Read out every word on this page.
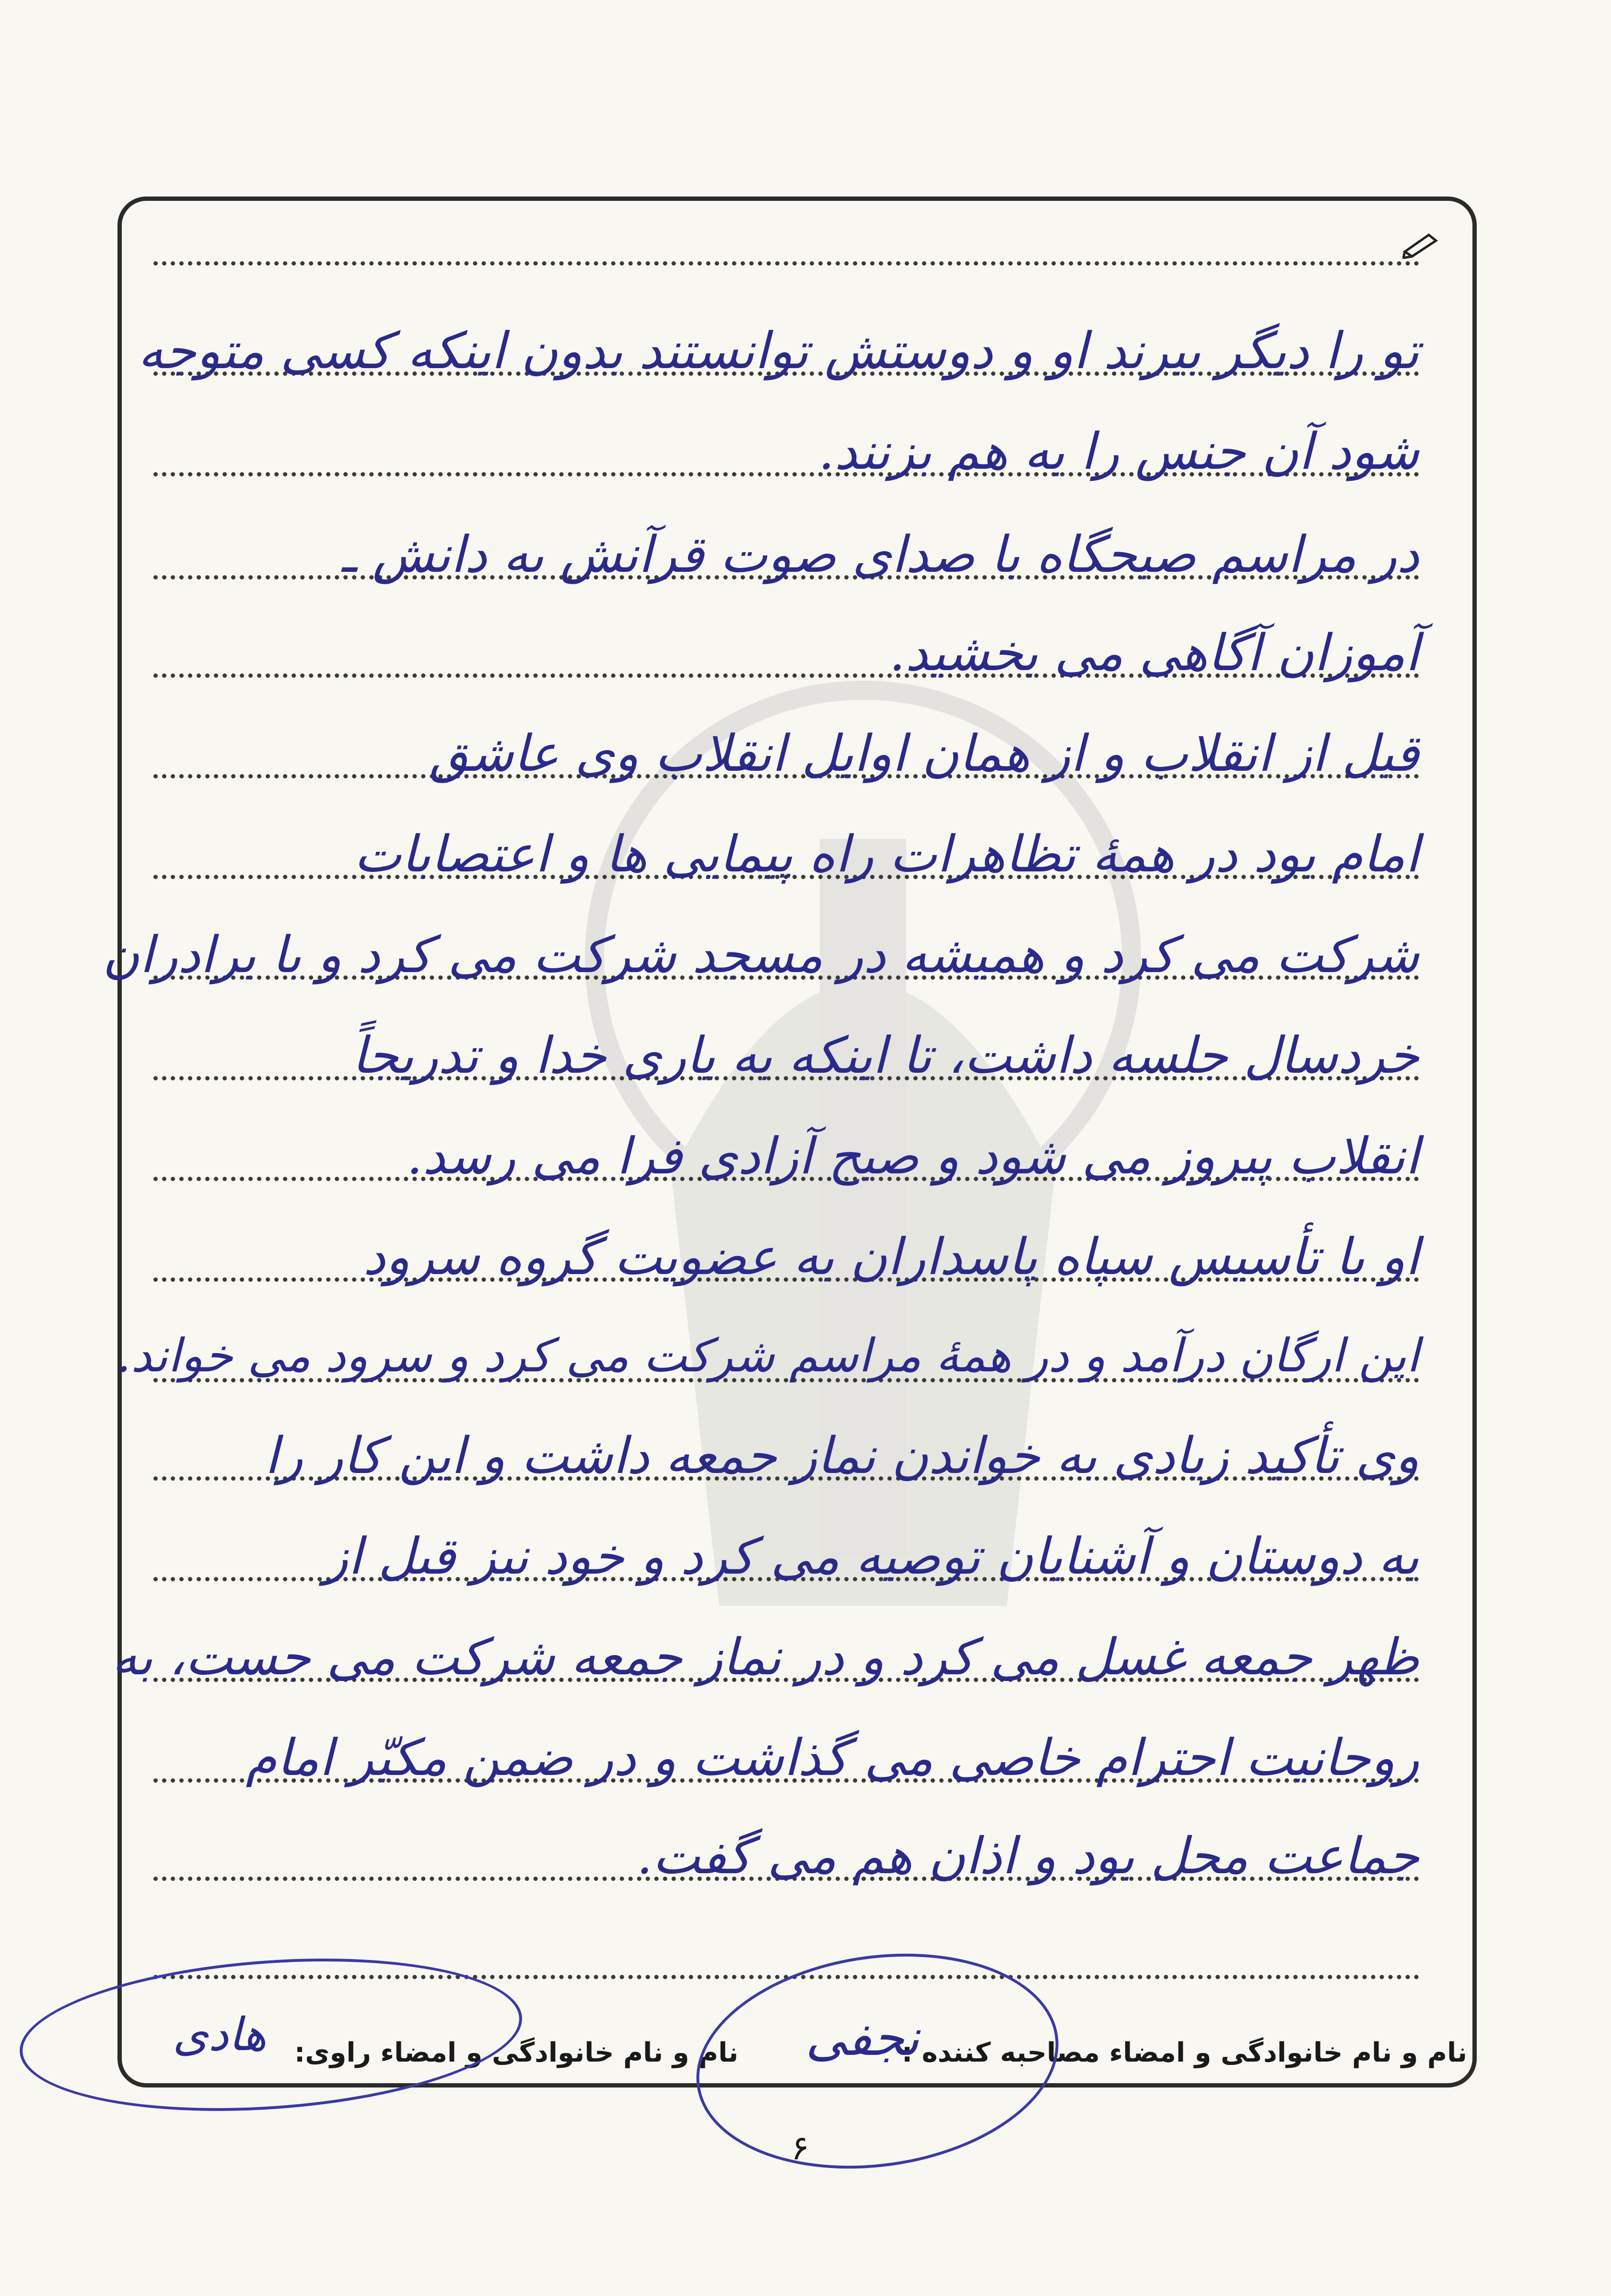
تو را دیگر ببرند او و دوستش توانستند بدون اینکه کسی متوجه
شود آن جنس را به هم بزنند.
در مراسم صبحگاه با صدای صوت قرآنش به دانش ـ
آموزان آگاهی می بخشید.
قبل از انقلاب و از همان اوایل انقلاب وی عاشق
امام بود در همهٔ تظاهرات راه پیمایی ها و اعتصابات
شرکت می کرد و همیشه در مسجد شرکت می کرد و با برادران
خردسال جلسه داشت، تا اینکه به یاری خدا و تدریجاً
انقلاب پیروز می شود و صبح آزادی فرا می رسد.
او با تأسیس سپاه پاسداران به عضویت گروه سرود
این ارگان درآمد و در همهٔ مراسم شرکت می کرد و سرود می خواند.
وی تأکید زیادی به خواندن نماز جمعه داشت و این کار را
به دوستان و آشنایان توصیه می کرد و خود نیز قبل از
ظهر جمعه غسل می کرد و در نماز جمعه شرکت می جست، به
روحانیت احترام خاصی می گذاشت و در ضمن مکبّر امام
جماعت محل بود و اذان هم می گفت.
نام و نام خانوادگی و امضاء مصاحبه کننده :
نام و نام خانوادگی و امضاء راوی:
هادی	نجفی
۶
